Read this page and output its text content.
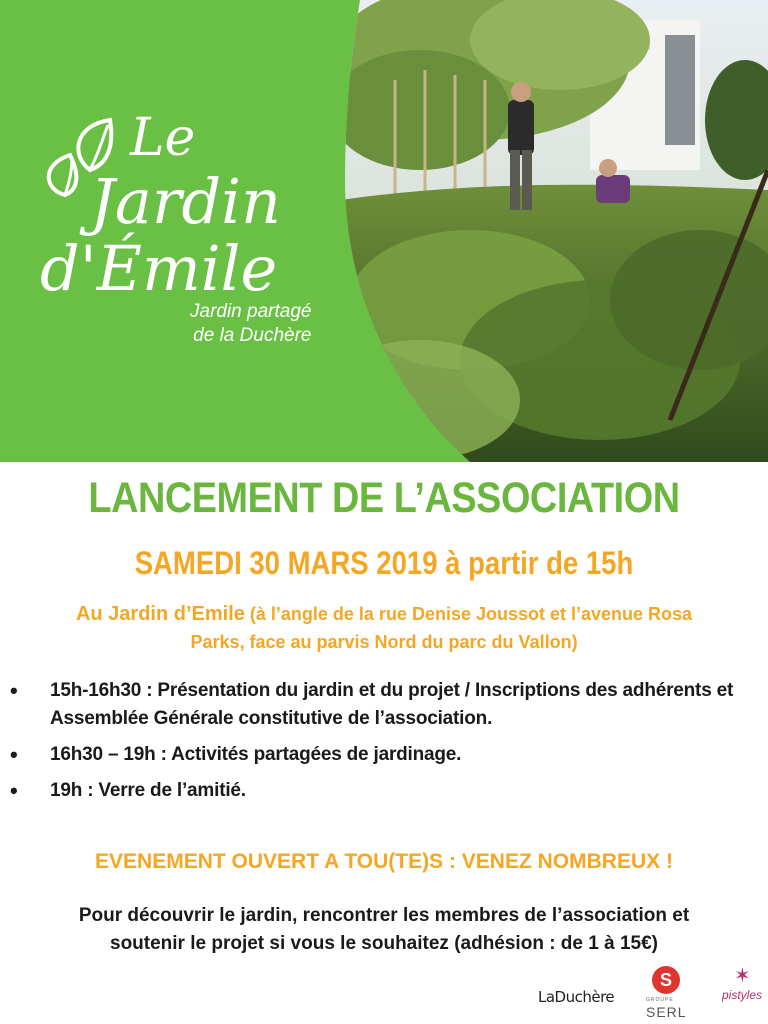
Le
Jardin
d'Émile
Jardin partagé
de la Duchère
LANCEMENT DE L’ASSOCIATION
SAMEDI 30 MARS 2019 à partir de 15h
Au Jardin d’Emile (à l’angle de la rue Denise Joussot et l’avenue Rosa
Parks, face au parvis Nord du parc du Vallon)
• 15h-16h30 : Présentation du jardin et du projet / Inscriptions des adhérents et Assemblée Générale constitutive de l’association.
• 16h30 – 19h : Activités partagées de jardinage.
• 19h : Verre de l’amitié.
EVENEMENT OUVERT A TOU(TE)S : VENEZ NOMBREUX !
Pour découvrir le jardin, rencontrer les membres de l’association et
soutenir le projet si vous le souhaitez (adhésion : de 1 à 15€)
LaDuchère
S
GROUPE
SERL
✶
pistyles
